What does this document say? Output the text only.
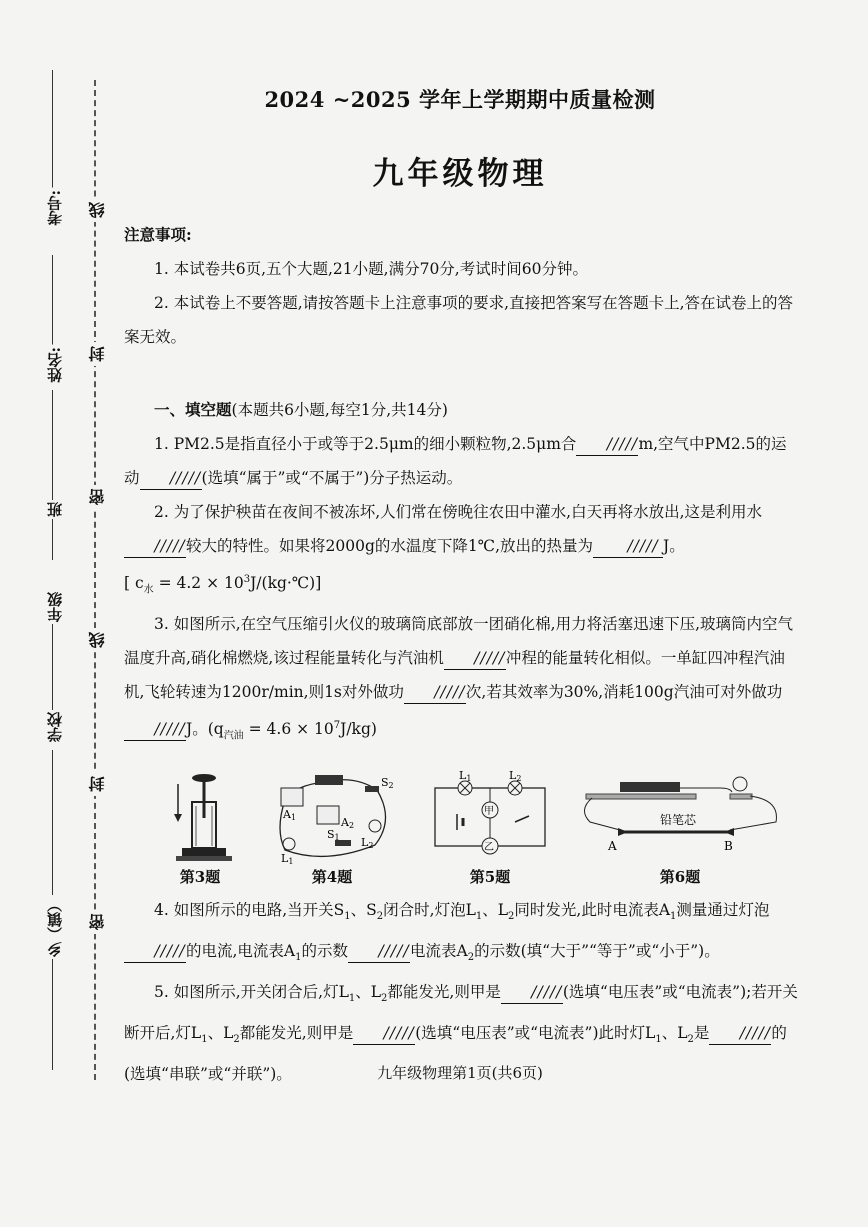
考号:
姓名:
班
年级
学校
乡（镇）
线
封
密
线
封
密
2024 ~2025 学年上学期期中质量检测
九年级物理

注意事项:

1. 本试卷共6页,五个大题,21小题,满分70分,考试时间60分钟。

2. 本试卷上不要答题,请按答题卡上注意事项的要求,直接把答案写在答题卡上,答在试卷上的答案无效。

一、填空题(本题共6小题,每空1分,共14分)

1. PM2.5是指直径小于或等于2.5μm的细小颗粒物,2.5μm合 /////m,空气中PM2.5的运动 /////(选填“属于”或“不属于”)分子热运动。

2. 为了保护秧苗在夜间不被冻坏,人们常在傍晚往农田中灌水,白天再将水放出,这是利用水/////较大的特性。如果将2000g的水温度下降1℃,放出的热量为 ///// J。
[ $c_水 = 4.2$ × $10^3J/(kg\cdot℃)$]

3. 如图所示,在空气压缩引火仪的玻璃筒底部放一团硝化棉,用力将活塞迅速下压,玻璃筒内空气温度升高,硝化棉燃烧,该过程能量转化与汽油机 /////冲程的能量转化相似。一单缸四冲程汽油机,飞轮转速为1200r/min,则1s对外做功 /////次,若其效率为30%,消耗100g汽油可对外做功/////J。$(q_{汽油} = 4.6 \times 10^7J/kg)$

第3题
A1	A2
S2
S1
L1
L2
第4题
L1	L2
甲
乙
第5题
A	B
铅笔芯
第6题

4. 如图所示的电路,当开关$S_1$、$S_2$闭合时,灯泡$L_1$、$L_2$同时发光,此时电流表$A_1$测量通过灯泡/////的电流,电流表$A_1$的示数 /////电流表$A_2$的示数(填“大于”“等于”或“小于”)。

5. 如图所示,开关闭合后,灯$L_1$、$L_2$都能发光,则甲是 /////(选填“电压表”或“电流表”);若开关断开后,灯$L_1$、$L_2$都能发光,则甲是 /////(选填“电压表”或“电流表”)此时灯$L_1$、$L_2$是 /////的(选填“串联”或“并联”)。	九年级物理第1页(共6页)
